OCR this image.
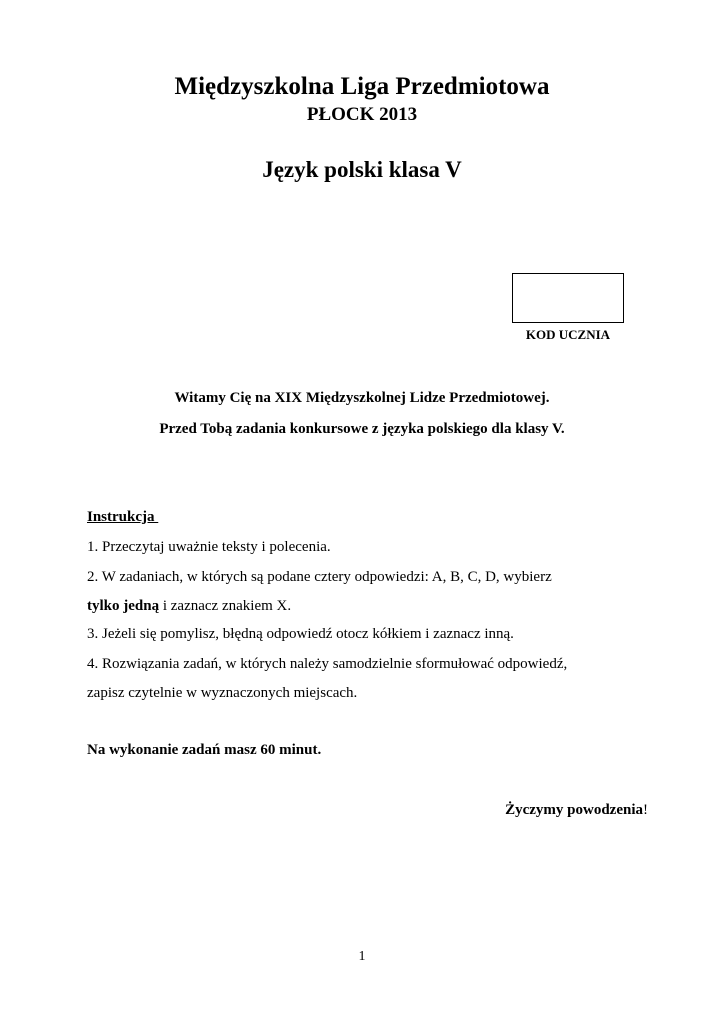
Międzyszkolna Liga Przedmiotowa
PŁOCK 2013
Język polski klasa V
KOD UCZNIA
Witamy Cię na XIX Międzyszkolnej Lidze Przedmiotowej.
Przed Tobą zadania konkursowe z języka polskiego dla klasy V.
Instrukcja
1. Przeczytaj uważnie teksty i polecenia.
2. W zadaniach, w których są podane cztery odpowiedzi: A, B, C, D, wybierz
tylko jedną i zaznacz znakiem X.
3. Jeżeli się pomylisz, błędną odpowiedź otocz kółkiem i zaznacz inną.
4. Rozwiązania zadań, w których należy samodzielnie sformułować odpowiedź,
zapisz czytelnie w wyznaczonych miejscach.
Na wykonanie zadań masz 60 minut.
Życzymy powodzenia!
1
